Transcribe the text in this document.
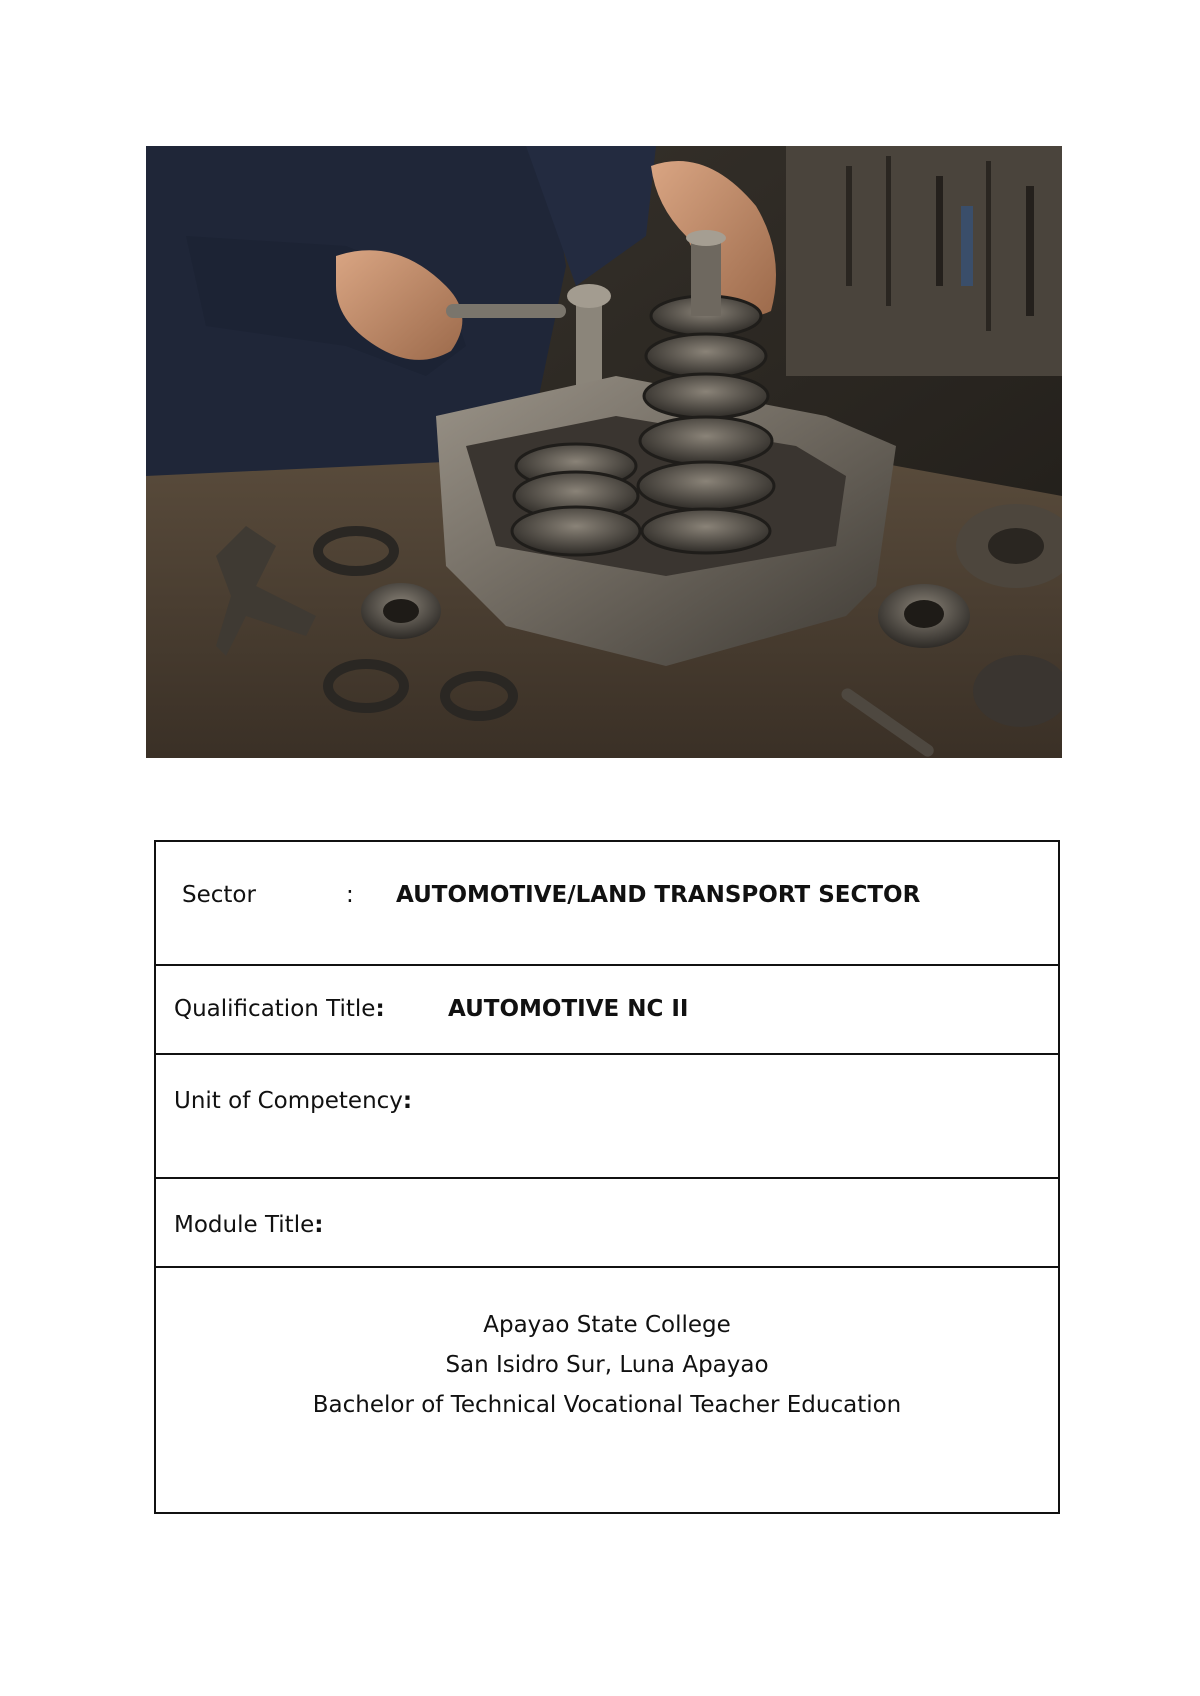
Sector	: AUTOMOTIVE/LAND TRANSPORT SECTOR
Qualification Title:	AUTOMOTIVE NC II
Unit of Competency:
Module Title:
Apayao State College
San Isidro Sur, Luna Apayao
Bachelor of Technical Vocational Teacher Education
